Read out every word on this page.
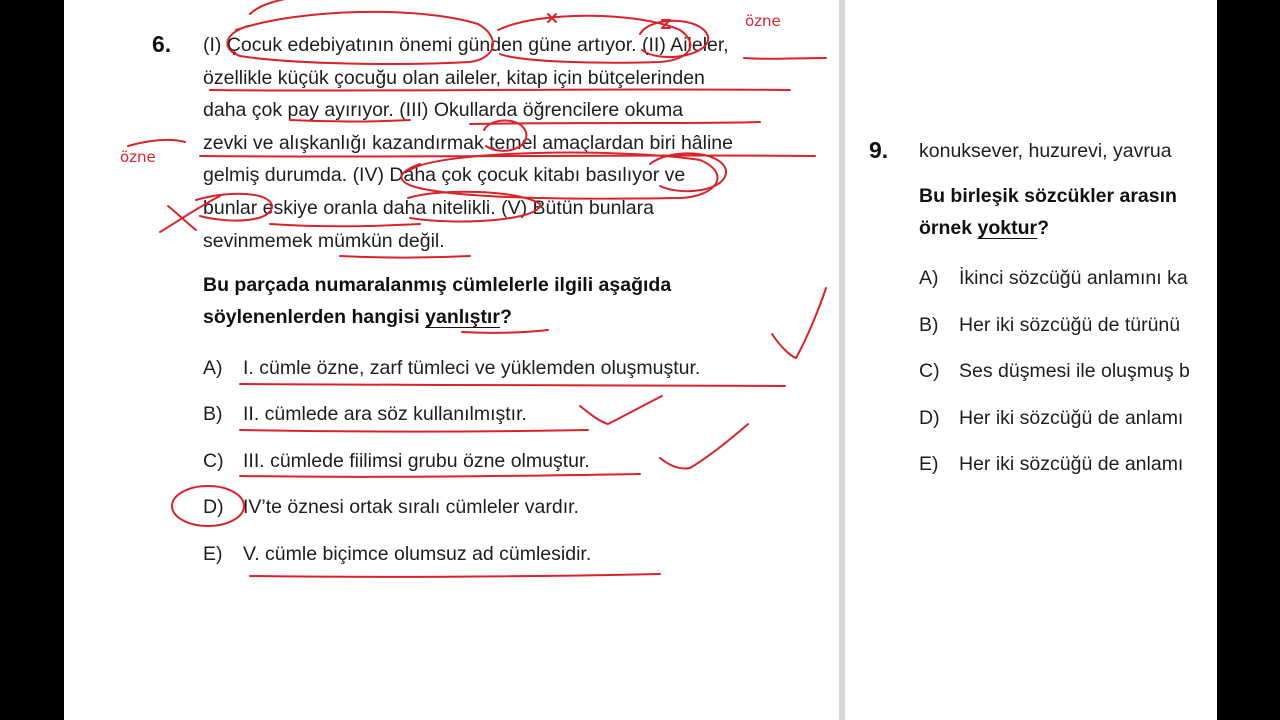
6. (I) Çocuk edebiyatının önemi günden güne artıyor. (II) Aileler,
özellikle küçük çocuğu olan aileler, kitap için bütçelerinden
daha çok pay ayırıyor. (III) Okullarda öğrencilere okuma
zevki ve alışkanlığı kazandırmak temel amaçlardan biri hâline
gelmiş durumda. (IV) Daha çok çocuk kitabı basılıyor ve
bunlar eskiye oranla daha nitelikli. (V) Bütün bunlara
sevinmemek mümkün değil.
Bu parçada numaralanmış cümlelerle ilgili aşağıda
söylenenlerden hangisi yanlıştır?
A) I. cümle özne, zarf tümleci ve yüklemden oluşmuştur.
B) II. cümlede ara söz kullanılmıştır.
C) III. cümlede fiilimsi grubu özne olmuştur.
D) IV’te öznesi ortak sıralı cümleler vardır.
E) V. cümle biçimce olumsuz ad cümlesidir.
9. konuksever, huzurevi, yavrua
Bu birleşik sözcükler arasın
örnek yoktur?
A) İkinci sözcüğü anlamını ka
B) Her iki sözcüğü de türünü
C) Ses düşmesi ile oluşmuş b
D) Her iki sözcüğü de anlamı
E) Her iki sözcüğü de anlamı
özne
özne
